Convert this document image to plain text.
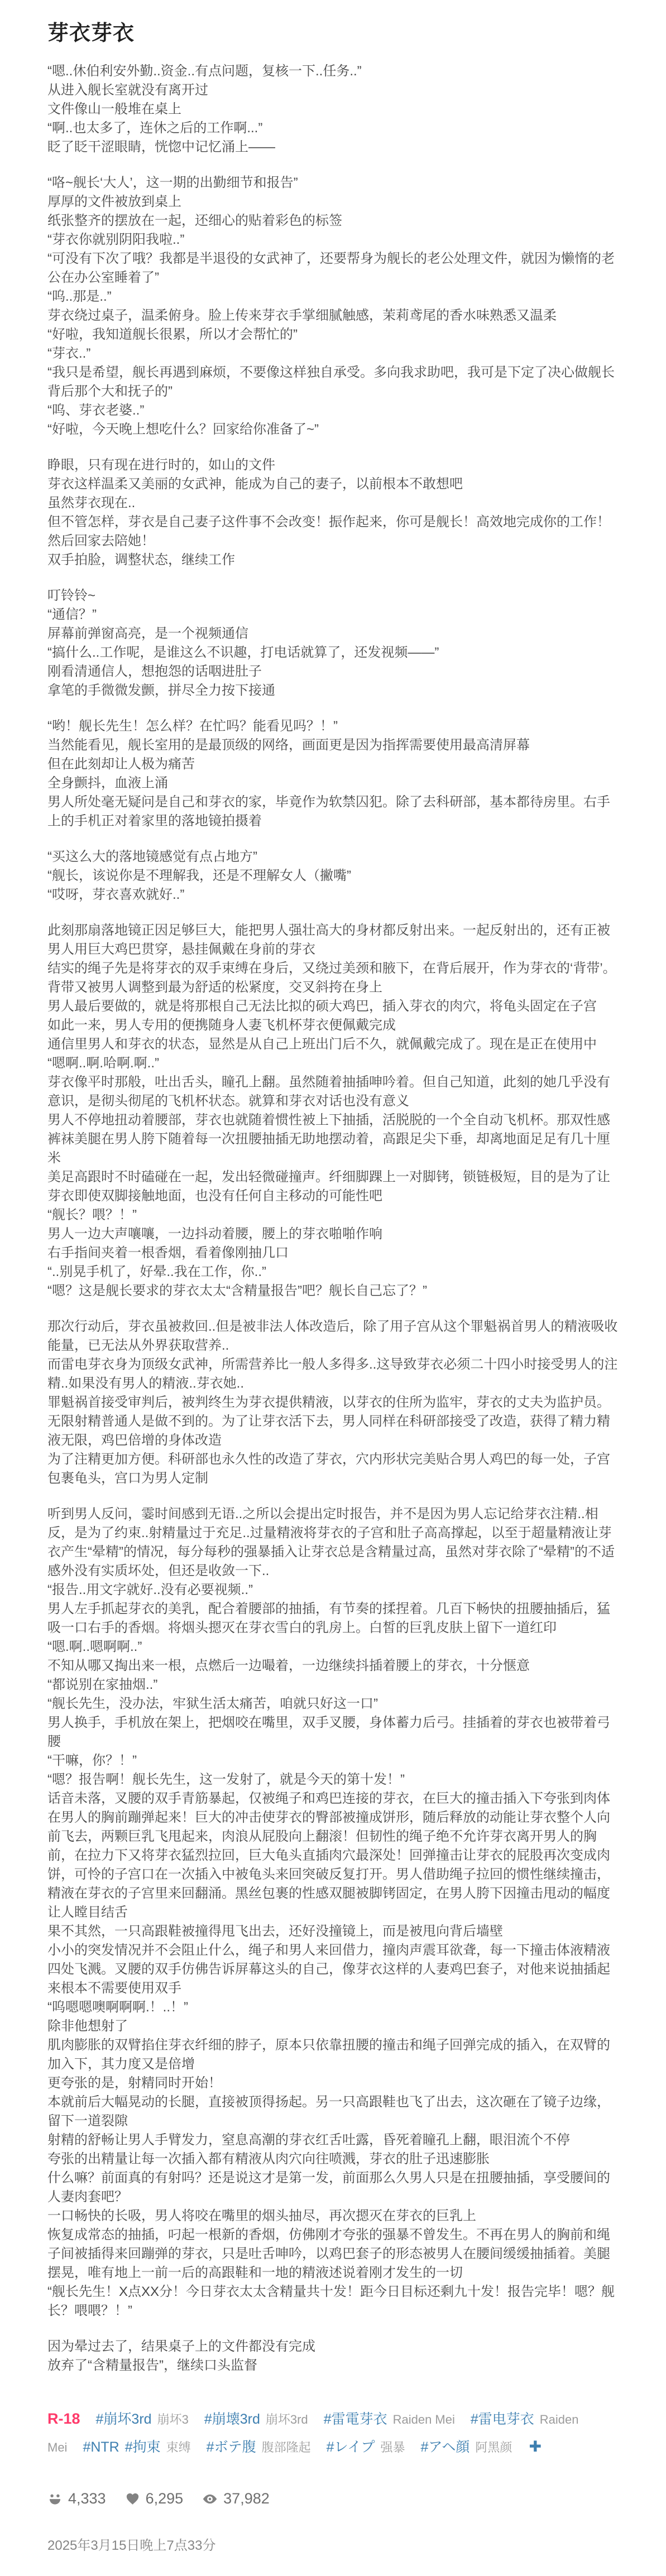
芽衣芽衣

“嗯..休伯利安外勤..资金..有点问题，复核一下..任务..”

从进入舰长室就没有离开过

文件像山一般堆在桌上

“啊..也太多了，连休之后的工作啊...”

眨了眨干涩眼睛，恍惚中记忆涌上——

“咯~舰长‘大人’，这一期的出勤细节和报告”

厚厚的文件被放到桌上

纸张整齐的摆放在一起，还细心的贴着彩色的标签

“芽衣你就别阴阳我啦..”

“可没有下次了哦？我都是半退役的女武神了，还要帮身为舰长的老公处理文件，就因为懒惰的老公在办公室睡着了”

“呜..那是..”

芽衣绕过桌子，温柔俯身。脸上传来芽衣手掌细腻触感，茉莉鸢尾的香水味熟悉又温柔

“好啦，我知道舰长很累，所以才会帮忙的”

“芽衣..”

“我只是希望，舰长再遇到麻烦，不要像这样独自承受。多向我求助吧，我可是下定了决心做舰长背后那个大和抚子的”

“呜、芽衣老婆..”

“好啦，今天晚上想吃什么？回家给你准备了~”

睁眼，只有现在进行时的，如山的文件

芽衣这样温柔又美丽的女武神，能成为自己的妻子，以前根本不敢想吧

虽然芽衣现在..

但不管怎样，芽衣是自己妻子这件事不会改变！振作起来，你可是舰长！高效地完成你的工作！

然后回家去陪她！

双手拍脸，调整状态，继续工作

叮铃铃~

“通信？”

屏幕前弹窗高亮，是一个视频通信

“搞什么..工作呢，是谁这么不识趣，打电话就算了，还发视频——”

刚看清通信人，想抱怨的话咽进肚子

拿笔的手微微发颤，拼尽全力按下接通

“哟！舰长先生！怎么样？在忙吗？能看见吗？！”

当然能看见，舰长室用的是最顶级的网络，画面更是因为指挥需要使用最高清屏幕

但在此刻却让人极为痛苦

全身颤抖，血液上涌

男人所处毫无疑问是自己和芽衣的家，毕竟作为软禁囚犯。除了去科研部，基本都待房里。右手上的手机正对着家里的落地镜拍摄着

“买这么大的落地镜感觉有点占地方”

“舰长，该说你是不理解我，还是不理解女人（撇嘴”

“哎呀，芽衣喜欢就好..”

此刻那扇落地镜正因足够巨大，能把男人强壮高大的身材都反射出来。一起反射出的，还有正被男人用巨大鸡巴贯穿，悬挂佩戴在身前的芽衣

结实的绳子先是将芽衣的双手束缚在身后，又绕过美颈和腋下，在背后展开，作为芽衣的‘背带’。背带又被男人调整到最为舒适的松紧度，交叉斜挎在身上

男人最后要做的，就是将那根自己无法比拟的硕大鸡巴，插入芽衣的肉穴，将龟头固定在子宫

如此一来，男人专用的便携随身人妻飞机杯芽衣便佩戴完成

通信里男人和芽衣的状态，显然是从自己上班出门后不久，就佩戴完成了。现在是正在使用中

“嗯啊..啊.哈啊.啊..”

芽衣像平时那般，吐出舌头，瞳孔上翻。虽然随着抽插呻吟着。但自己知道，此刻的她几乎没有意识，是彻头彻尾的飞机杯状态。就算和芽衣对话也没有意义

男人不停地扭动着腰部，芽衣也就随着惯性被上下抽插，活脱脱的一个全自动飞机杯。那双性感裤袜美腿在男人胯下随着每一次扭腰抽插无助地摆动着，高跟足尖下垂，却离地面足足有几十厘米

美足高跟时不时磕碰在一起，发出轻微碰撞声。纤细脚踝上一对脚铐，锁链极短，目的是为了让芽衣即使双脚接触地面，也没有任何自主移动的可能性吧

“舰长？喂？！”

男人一边大声嚷嚷，一边抖动着腰，腰上的芽衣啪啪作响

右手指间夹着一根香烟，看着像刚抽几口

“..别晃手机了，好晕..我在工作，你..”

“嗯？这是舰长要求的芽衣太太“含精量报告”吧？舰长自己忘了？”

那次行动后，芽衣虽被救回..但是被非法人体改造后，除了用子宫从这个罪魁祸首男人的精液吸收能量，已无法从外界获取营养..

而雷电芽衣身为顶级女武神，所需营养比一般人多得多..这导致芽衣必须二十四小时接受男人的注精..如果没有男人的精液..芽衣她..

罪魁祸首接受审判后，被判终生为芽衣提供精液，以芽衣的住所为监牢，芽衣的丈夫为监护员。无限射精普通人是做不到的。为了让芽衣活下去，男人同样在科研部接受了改造，获得了精力精液无限，鸡巴倍增的身体改造

为了注精更加方便。科研部也永久性的改造了芽衣，穴内形状完美贴合男人鸡巴的每一处，子宫包裹龟头，宫口为男人定制

听到男人反问，霎时间感到无语..之所以会提出定时报告，并不是因为男人忘记给芽衣注精..相反，是为了约束..射精量过于充足..过量精液将芽衣的子宫和肚子高高撑起，以至于超量精液让芽衣产生“晕精”的情况，每分每秒的强暴插入让芽衣总是含精量过高，虽然对芽衣除了“晕精”的不适感外没有实质坏处，但还是收敛一下..

“报告..用文字就好..没有必要视频..”

男人左手抓起芽衣的美乳，配合着腰部的抽插，有节奏的揉捏着。几百下畅快的扭腰抽插后，猛吸一口右手的香烟。将烟头摁灭在芽衣雪白的乳房上。白皙的巨乳皮肤上留下一道红印

“嗯.啊..嗯啊啊..”

不知从哪又掏出来一根，点燃后一边嘬着，一边继续抖插着腰上的芽衣，十分惬意

“都说别在家抽烟..”

“舰长先生，没办法，牢狱生活太痛苦，咱就只好这一口”

男人换手，手机放在架上，把烟咬在嘴里，双手叉腰，身体蓄力后弓。挂插着的芽衣也被带着弓腰

“干嘛，你？！”

“嗯？报告啊！舰长先生，这一发射了，就是今天的第十发！”

话音未落，叉腰的双手青筋暴起，仅被绳子和鸡巴连接的芽衣，在巨大的撞击插入下夸张到肉体在男人的胸前蹦弹起来！巨大的冲击使芽衣的臀部被撞成饼形，随后释放的动能让芽衣整个人向前飞去，两颗巨乳飞甩起来，肉浪从屁股向上翻滚！但韧性的绳子绝不允许芽衣离开男人的胸前，在拉力下又将芽衣猛烈拉回，巨大龟头直插肉穴最深处！回弹撞击让芽衣的屁股再次变成肉饼，可怜的子宫口在一次插入中被龟头来回突破反复打开。男人借助绳子拉回的惯性继续撞击，精液在芽衣的子宫里来回翻涌。黑丝包裹的性感双腿被脚铐固定，在男人胯下因撞击甩动的幅度让人瞠目结舌

果不其然，一只高跟鞋被撞得甩飞出去，还好没撞镜上，而是被甩向背后墙壁

小小的突发情况并不会阻止什么，绳子和男人来回借力，撞肉声震耳欲聋，每一下撞击体液精液四处飞溅。叉腰的双手仿佛告诉屏幕这头的自己，像芽衣这样的人妻鸡巴套子，对他来说抽插起来根本不需要使用双手

“呜嗯嗯噢啊啊啊.！..！”

除非他想射了

肌肉膨胀的双臂掐住芽衣纤细的脖子，原本只依靠扭腰的撞击和绳子回弹完成的插入，在双臂的加入下，其力度又是倍增

更夸张的是，射精同时开始！

本就前后大幅晃动的长腿，直接被顶得扬起。另一只高跟鞋也飞了出去，这次砸在了镜子边缘，留下一道裂隙

射精的舒畅让男人手臂发力，窒息高潮的芽衣红舌吐露，昏死着瞳孔上翻，眼泪流个不停

夸张的出精量让每一次插入都有精液从肉穴向往喷溅，芽衣的肚子迅速膨胀

什么嘛？前面真的有射吗？还是说这才是第一发，前面那么久男人只是在扭腰抽插，享受腰间的人妻肉套吧？

一口畅快的长吸，男人将咬在嘴里的烟头抽尽，再次摁灭在芽衣的巨乳上

恢复成常态的抽插，叼起一根新的香烟，仿佛刚才夸张的强暴不曾发生。不再在男人的胸前和绳子间被插得来回蹦弹的芽衣，只是吐舌呻吟，以鸡巴套子的形态被男人在腰间缓缓抽插着。美腿摆晃，唯有地上一前一后的高跟鞋和一地的精液述说着刚才发生的一切

“舰长先生！X点XX分！今日芽衣太太含精量共十发！距今日目标还剩九十发！报告完毕！嗯？舰长？喂喂？！”

因为晕过去了，结果桌子上的文件都没有完成

放弃了“含精量报告”，继续口头监督

R-18 #崩坏3rd 崩坏3 #崩壊3rd 崩坏3rd #雷電芽衣 Raiden Mei #雷电芽衣 Raiden Mei #NTR #拘束 束缚 #ボテ腹 腹部隆起 #レイプ 强暴 #アヘ顔 阿黑颜 ✚
4,333	6,295	37,982
2025年3月15日晚上7点33分
